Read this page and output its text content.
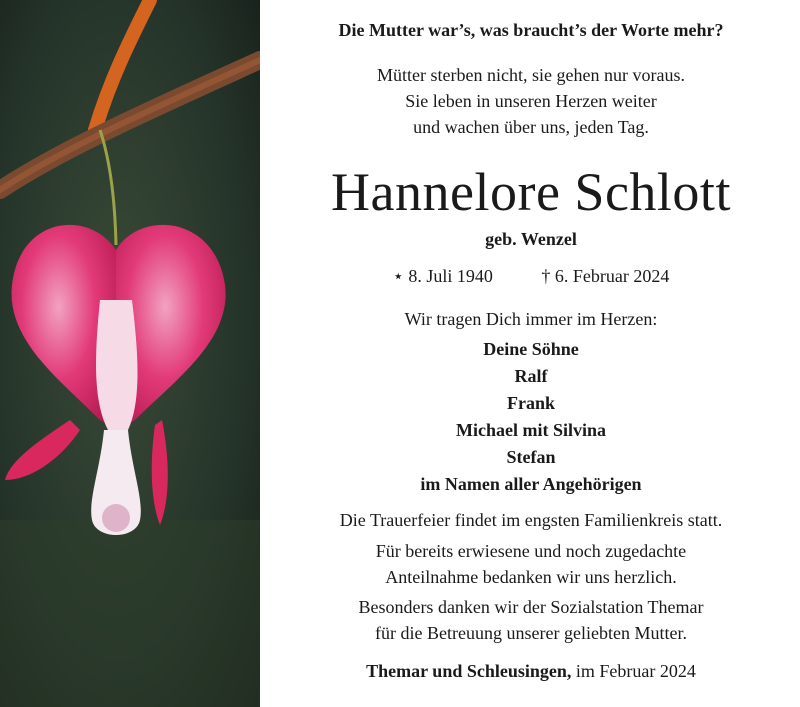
Die Mutter war’s, was braucht’s der Worte mehr?
Mütter sterben nicht, sie gehen nur voraus.
Sie leben in unseren Herzen weiter
und wachen über uns, jeden Tag.
Hannelore Schlott
geb. Wenzel
⋆ 8. Juli 1940	† 6. Februar 2024
Wir tragen Dich immer im Herzen:
Deine Söhne
Ralf
Frank
Michael mit Silvina
Stefan
im Namen aller Angehörigen
Die Trauerfeier findet im engsten Familienkreis statt.
Für bereits erwiesene und noch zugedachte
Anteilnahme bedanken wir uns herzlich.
Besonders danken wir der Sozialstation Themar
für die Betreuung unserer geliebten Mutter.
Themar und Schleusingen, im Februar 2024
